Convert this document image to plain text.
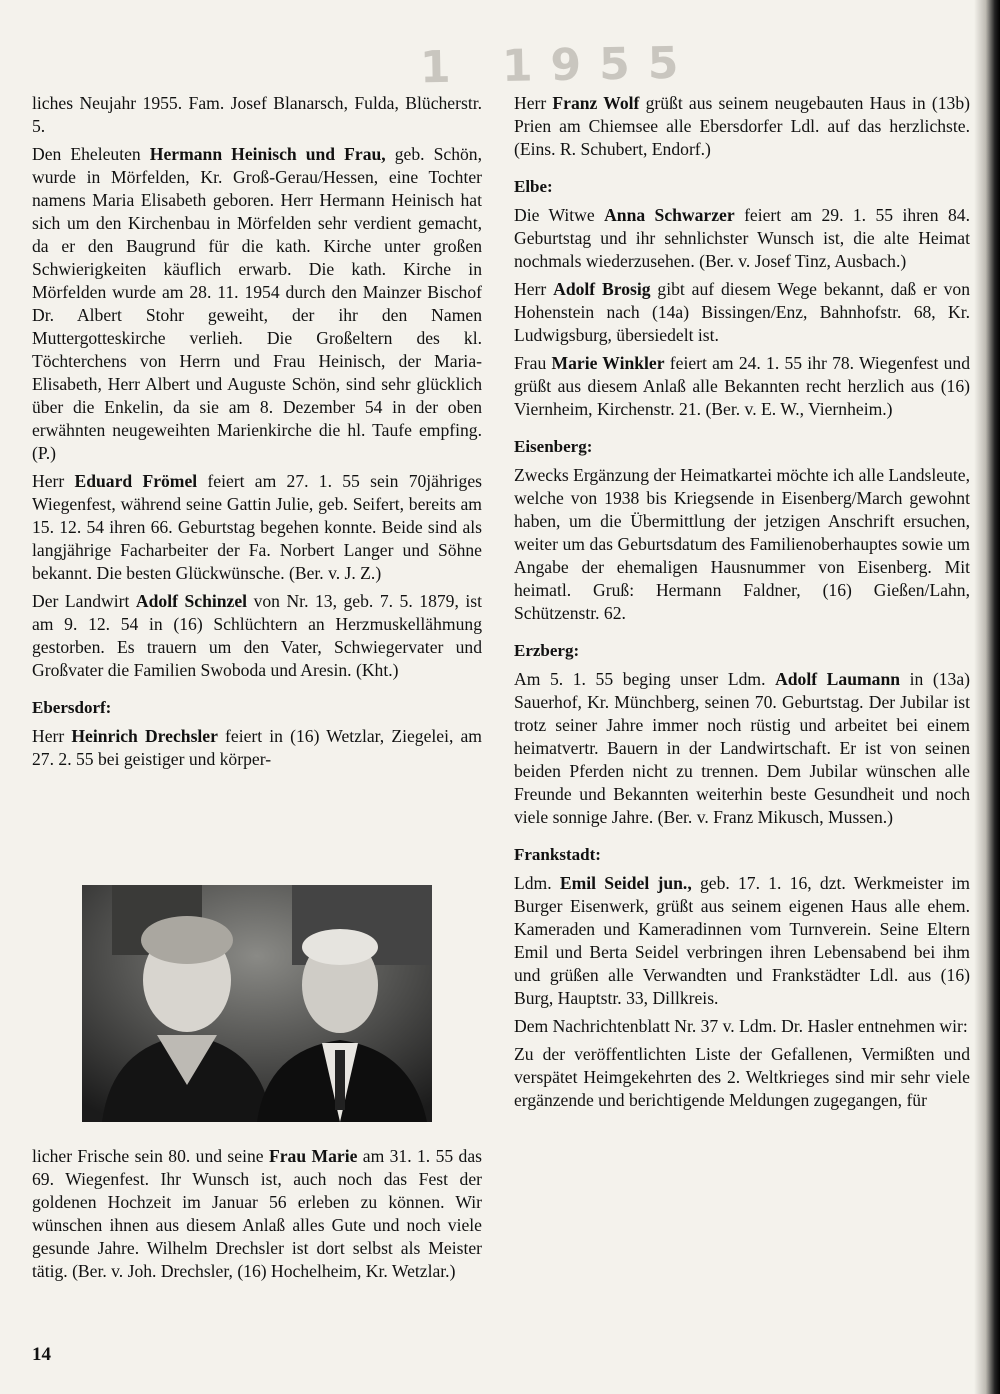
1 1955

liches Neujahr 1955. Fam. Josef Blanarsch, Fulda, Blücherstr. 5.

Den Eheleuten Hermann Heinisch und Frau, geb. Schön, wurde in Mörfelden, Kr. Groß-Gerau/Hessen, eine Tochter namens Maria Elisabeth geboren. Herr Hermann Heinisch hat sich um den Kirchenbau in Mörfelden sehr verdient gemacht, da er den Baugrund für die kath. Kirche unter großen Schwierigkeiten käuflich erwarb. Die kath. Kirche in Mörfelden wurde am 28. 11. 1954 durch den Mainzer Bischof Dr. Albert Stohr geweiht, der ihr den Namen Muttergotteskirche verlieh. Die Großeltern des kl. Töchterchens von Herrn und Frau Heinisch, der Maria-Elisabeth, Herr Albert und Auguste Schön, sind sehr glücklich über die Enkelin, da sie am 8. Dezember 54 in der oben erwähnten neugeweihten Marienkirche die hl. Taufe empfing. (P.)

Herr Eduard Frömel feiert am 27. 1. 55 sein 70jähriges Wiegenfest, während seine Gattin Julie, geb. Seifert, bereits am 15. 12. 54 ihren 66. Geburtstag begehen konnte. Beide sind als langjährige Facharbeiter der Fa. Norbert Langer und Söhne bekannt. Die besten Glückwünsche. (Ber. v. J. Z.)

Der Landwirt Adolf Schinzel von Nr. 13, geb. 7. 5. 1879, ist am 9. 12. 54 in (16) Schlüchtern an Herzmuskellähmung gestorben. Es trauern um den Vater, Schwiegervater und Großvater die Familien Swoboda und Aresin. (Kht.)

Ebersdorf:

Herr Heinrich Drechsler feiert in (16) Wetzlar, Ziegelei, am 27. 2. 55 bei geistiger und körper-

licher Frische sein 80. und seine Frau Marie am 31. 1. 55 das 69. Wiegenfest. Ihr Wunsch ist, auch noch das Fest der goldenen Hochzeit im Januar 56 erleben zu können. Wir wünschen ihnen aus diesem Anlaß alles Gute und noch viele gesunde Jahre. Wilhelm Drechsler ist dort selbst als Meister tätig. (Ber. v. Joh. Drechsler, (16) Hochelheim, Kr. Wetzlar.)

Herr Franz Wolf grüßt aus seinem neugebauten Haus in (13b) Prien am Chiemsee alle Ebersdorfer Ldl. auf das herzlichste. (Eins. R. Schubert, Endorf.)

Elbe:

Die Witwe Anna Schwarzer feiert am 29. 1. 55 ihren 84. Geburtstag und ihr sehnlichster Wunsch ist, die alte Heimat nochmals wiederzusehen. (Ber. v. Josef Tinz, Ausbach.)

Herr Adolf Brosig gibt auf diesem Wege bekannt, daß er von Hohenstein nach (14a) Bissingen/Enz, Bahnhofstr. 68, Kr. Ludwigsburg, übersiedelt ist.

Frau Marie Winkler feiert am 24. 1. 55 ihr 78. Wiegenfest und grüßt aus diesem Anlaß alle Bekannten recht herzlich aus (16) Viernheim, Kirchenstr. 21. (Ber. v. E. W., Viernheim.)

Eisenberg:

Zwecks Ergänzung der Heimatkartei möchte ich alle Landsleute, welche von 1938 bis Kriegsende in Eisenberg/March gewohnt haben, um die Übermittlung der jetzigen Anschrift ersuchen, weiter um das Geburtsdatum des Familienoberhauptes sowie um Angabe der ehemaligen Hausnummer von Eisenberg. Mit heimatl. Gruß: Hermann Faldner, (16) Gießen/Lahn, Schützenstr. 62.

Erzberg:

Am 5. 1. 55 beging unser Ldm. Adolf Laumann in (13a) Sauerhof, Kr. Münchberg, seinen 70. Geburtstag. Der Jubilar ist trotz seiner Jahre immer noch rüstig und arbeitet bei einem heimatvertr. Bauern in der Landwirtschaft. Er ist von seinen beiden Pferden nicht zu trennen. Dem Jubilar wünschen alle Freunde und Bekannten weiterhin beste Gesundheit und noch viele sonnige Jahre. (Ber. v. Franz Mikusch, Mussen.)

Frankstadt:

Ldm. Emil Seidel jun., geb. 17. 1. 16, dzt. Werkmeister im Burger Eisenwerk, grüßt aus seinem eigenen Haus alle ehem. Kameraden und Kameradinnen vom Turnverein. Seine Eltern Emil und Berta Seidel verbringen ihren Lebensabend bei ihm und grüßen alle Verwandten und Frankstädter Ldl. aus (16) Burg, Hauptstr. 33, Dillkreis.

Dem Nachrichtenblatt Nr. 37 v. Ldm. Dr. Hasler entnehmen wir:

Zu der veröffentlichten Liste der Gefallenen, Vermißten und verspätet Heimgekehrten des 2. Weltkrieges sind mir sehr viele ergänzende und berichtigende Meldungen zugegangen, für

14
